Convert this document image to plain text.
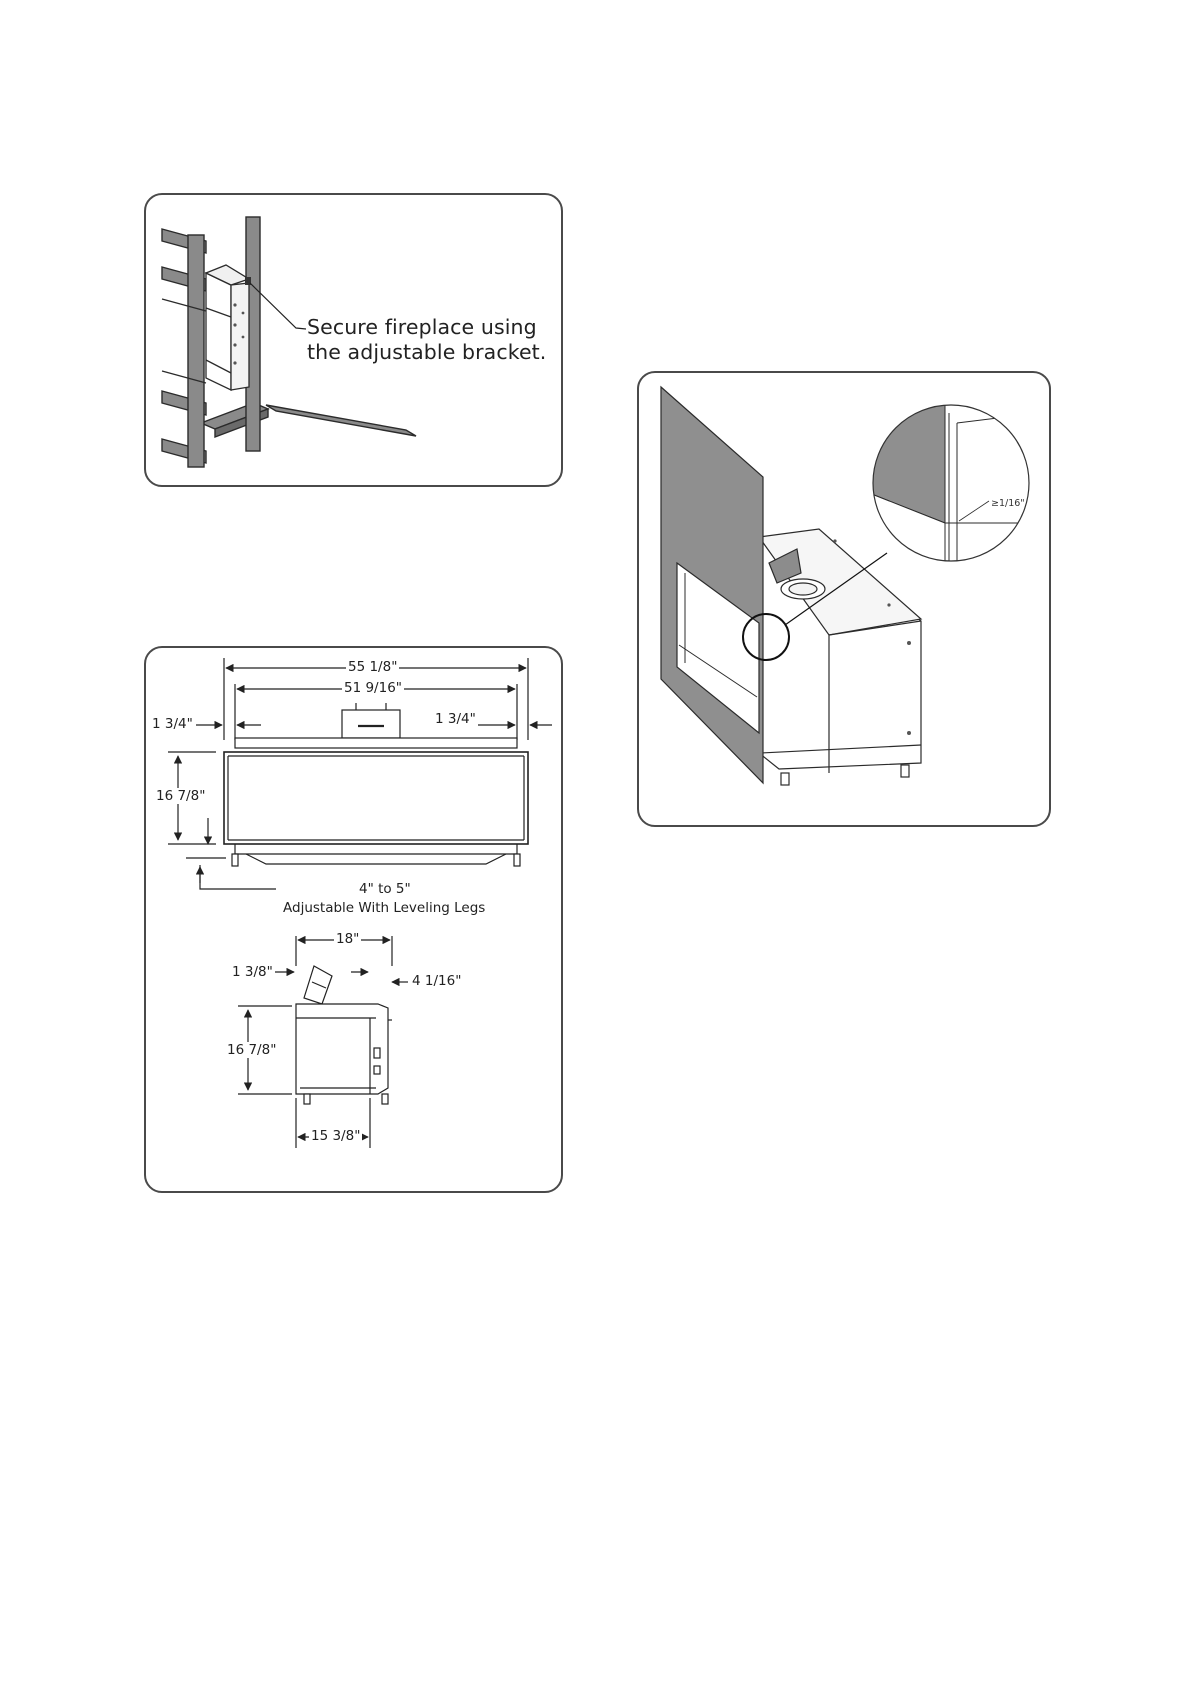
Secure fireplace using
the adjustable bracket.
55 1/8"
51 9/16"
1 3/4"	1 3/4"
16 7/8"
4" to 5"
Adjustable With Leveling Legs
18"
1 3/8"
4 1/16"
16 7/8"
15 3/8"
≥1/16"
